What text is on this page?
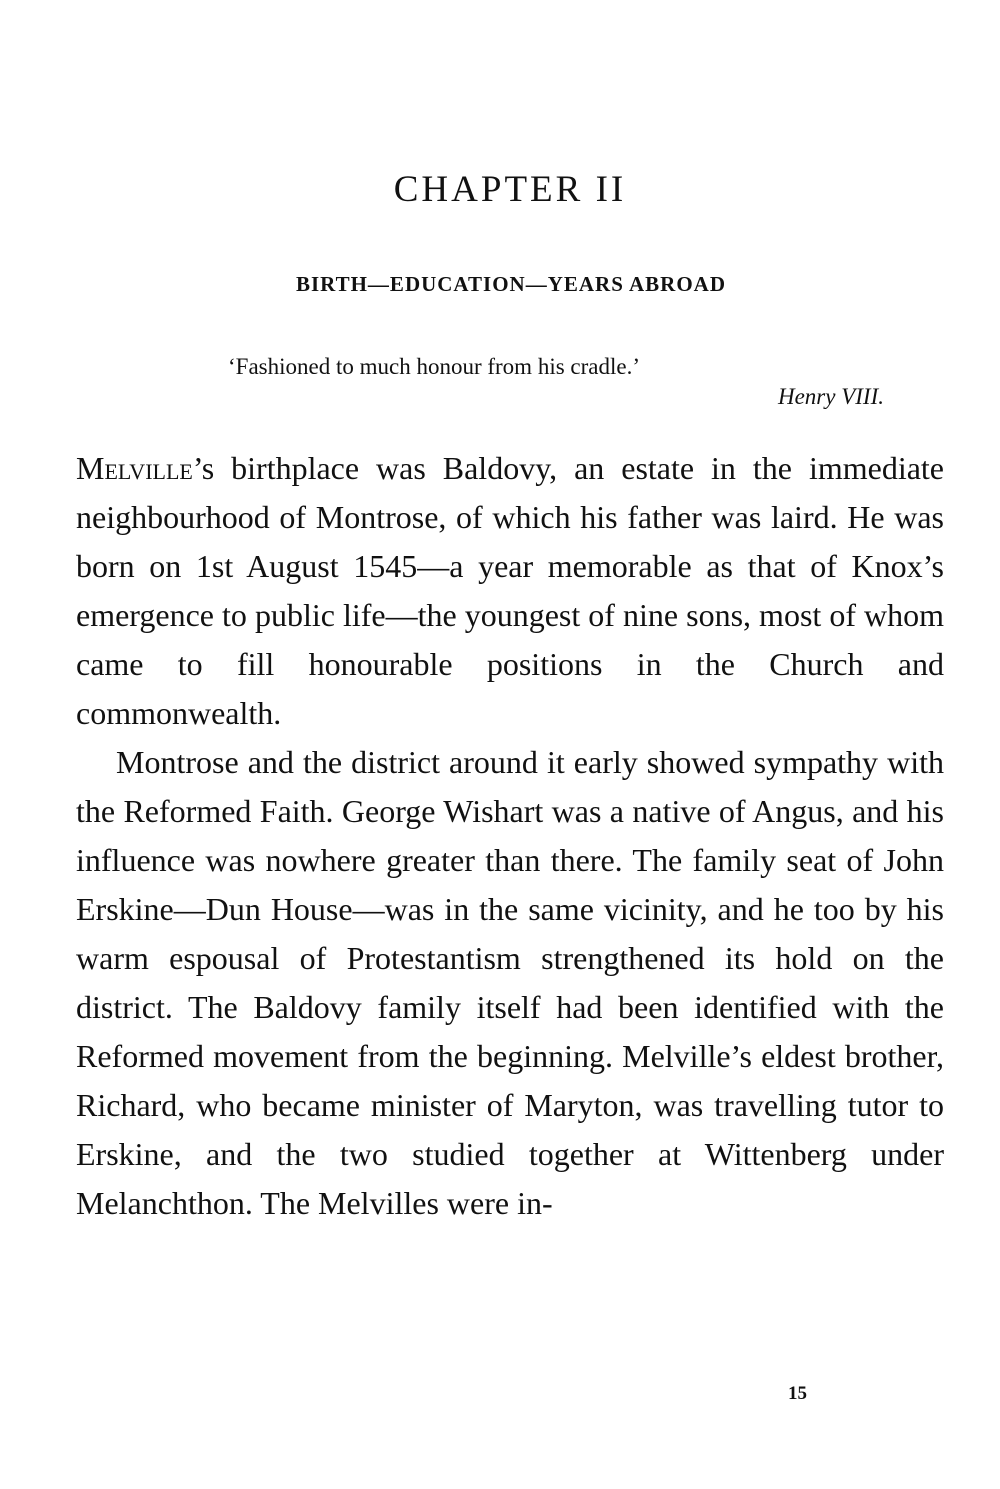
CHAPTER II
BIRTH—EDUCATION—YEARS ABROAD

‘Fashioned to much honour from his cradle.’

Henry VIII.

Melville’s birthplace was Baldovy, an estate in the immediate neighbourhood of Montrose, of which his father was laird. He was born on 1st August 1545—a year memorable as that of Knox’s emergence to public life—the youngest of nine sons, most of whom came to fill honourable positions in the Church and commonwealth.

Montrose and the district around it early showed sympathy with the Reformed Faith. George Wishart was a native of Angus, and his influence was nowhere greater than there. The family seat of John Erskine—Dun House—was in the same vicinity, and he too by his warm espousal of Protestantism strengthened its hold on the district. The Baldovy family itself had been identified with the Reformed movement from the beginning. Melville’s eldest brother, Richard, who became minister of Maryton, was travelling tutor to Erskine, and the two studied together at Wittenberg under Melanchthon. The Melvilles were in-

15
